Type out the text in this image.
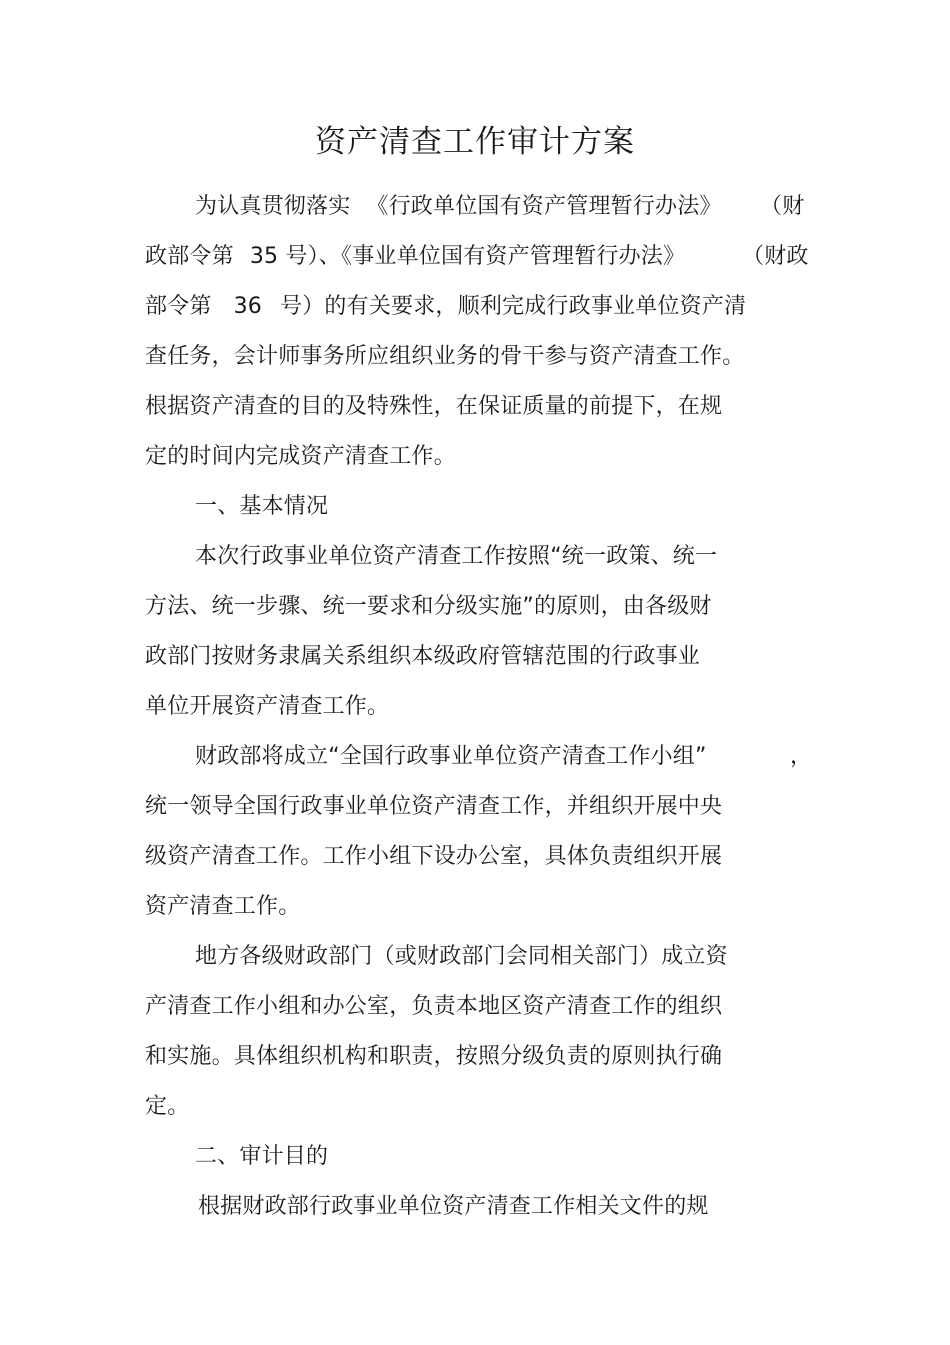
资产清查工作审计方案
为认真贯彻落实 《行政单位国有资产管理暂行办法》 （财
政部令第 35 号）、《事业单位国有资产管理暂行办法》	（财政
部令第 36 号）的有关要求，顺利完成行政事业单位资产清
查任务，会计师事务所应组织业务的骨干参与资产清查工作。
根据资产清查的目的及特殊性，在保证质量的前提下，在规
定的时间内完成资产清查工作。
一、基本情况
本次行政事业单位资产清查工作按照“统一政策、统一
方法、统一步骤、统一要求和分级实施”的原则，由各级财
政部门按财务隶属关系组织本级政府管辖范围的行政事业
单位开展资产清查工作。
财政部将成立“全国行政事业单位资产清查工作小组”	，
统一领导全国行政事业单位资产清查工作，并组织开展中央
级资产清查工作。工作小组下设办公室，具体负责组织开展
资产清查工作。
地方各级财政部门（或财政部门会同相关部门）成立资
产清查工作小组和办公室，负责本地区资产清查工作的组织
和实施。具体组织机构和职责，按照分级负责的原则执行确
定。
二、审计目的
根据财政部行政事业单位资产清查工作相关文件的规
